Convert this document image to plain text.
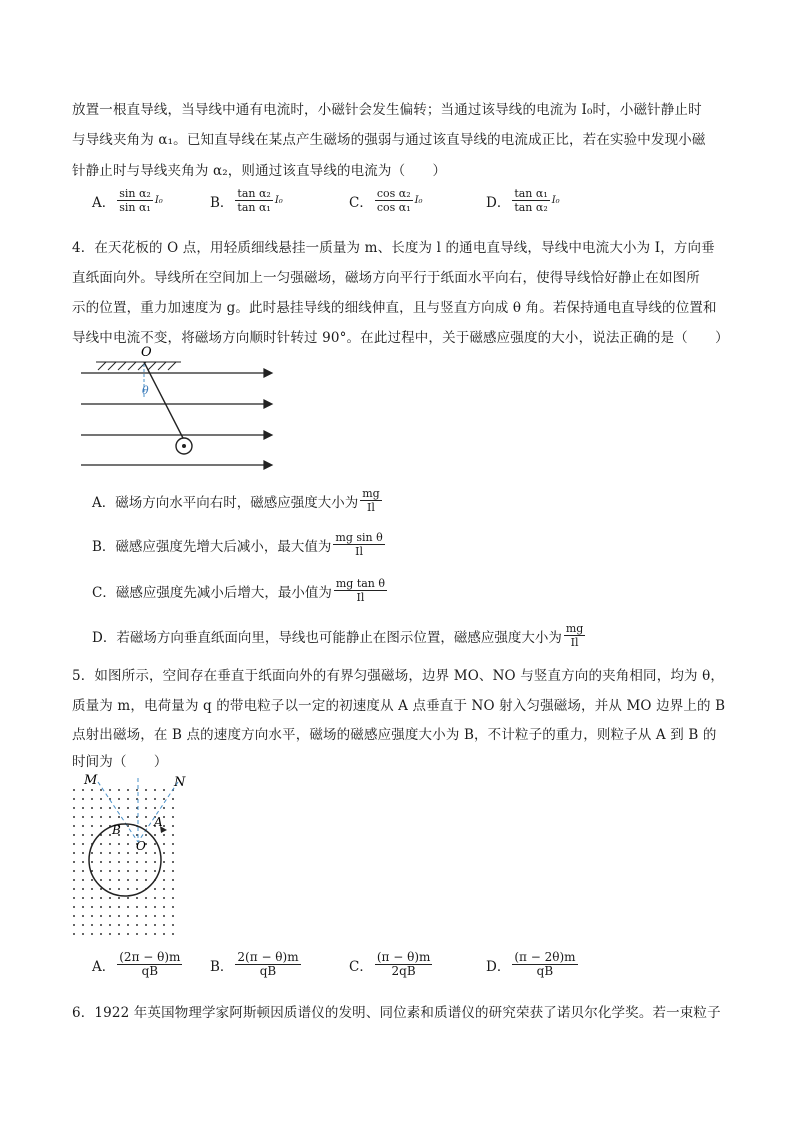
放置一根直导线，当导线中通有电流时，小磁针会发生偏转；当通过该导线的电流为 I₀时，小磁针静止时
与导线夹角为 α₁。已知直导线在某点产生磁场的强弱与通过该直导线的电流成正比，若在实验中发现小磁
针静止时与导线夹角为 α₂，则通过该直导线的电流为（　　）
A． $\frac{\text{sin α₂}}{\text{sin α₁}} I_0$	B． $\frac{\text{tan α₂}}{\text{tan α₁}} I_0$	C． $\frac{\text{cos α₂}}{\text{cos α₁}} I_0$	D． $\frac{\text{tan α₁}}{\text{tan α₂}} I_0$
4．在天花板的 O 点，用轻质细线悬挂一质量为 m、长度为 l 的通电直导线，导线中电流大小为 I，方向垂
直纸面向外。导线所在空间加上一匀强磁场，磁场方向平行于纸面水平向右，使得导线恰好静止在如图所
示的位置，重力加速度为 g。此时悬挂导线的细线伸直，且与竖直方向成 θ 角。若保持通电直导线的位置和
导线中电流不变，将磁场方向顺时针转过 90°。在此过程中，关于磁感应强度的大小，说法正确的是（　　）
O
θ
A．磁场方向水平向右时，磁感应强度大小为 $\frac{mg}{Il}$
B．磁感应强度先增大后减小，最大值为 $\frac{\text{mg sin θ}}{Il}$
C．磁感应强度先减小后增大，最小值为 $\frac{\text{mg tan θ}}{Il}$
D．若磁场方向垂直纸面向里，导线也可能静止在图示位置，磁感应强度大小为 $\frac{mg}{Il}$
5．如图所示，空间存在垂直于纸面向外的有界匀强磁场，边界 MO、NO 与竖直方向的夹角相同，均为 θ，
质量为 m，电荷量为 q 的带电粒子以一定的初速度从 A 点垂直于 NO 射入匀强磁场，并从 MO 边界上的 B
点射出磁场，在 B 点的速度方向水平，磁场的磁感应强度大小为 B，不计粒子的重力，则粒子从 A 到 B 的
时间为（　　）
M	N
A
B
O
A． $\frac{(2\pi - \theta)m}{qB}$ B． $\frac{2(\pi - \theta)m}{qB}$	C． $\frac{(\pi - \theta)m}{2qB}$	D． $\frac{(\pi - 2\theta)m}{qB}$
6．1922 年英国物理学家阿斯顿因质谱仪的发明、同位素和质谱仪的研究荣获了诺贝尔化学奖。若一束粒子
